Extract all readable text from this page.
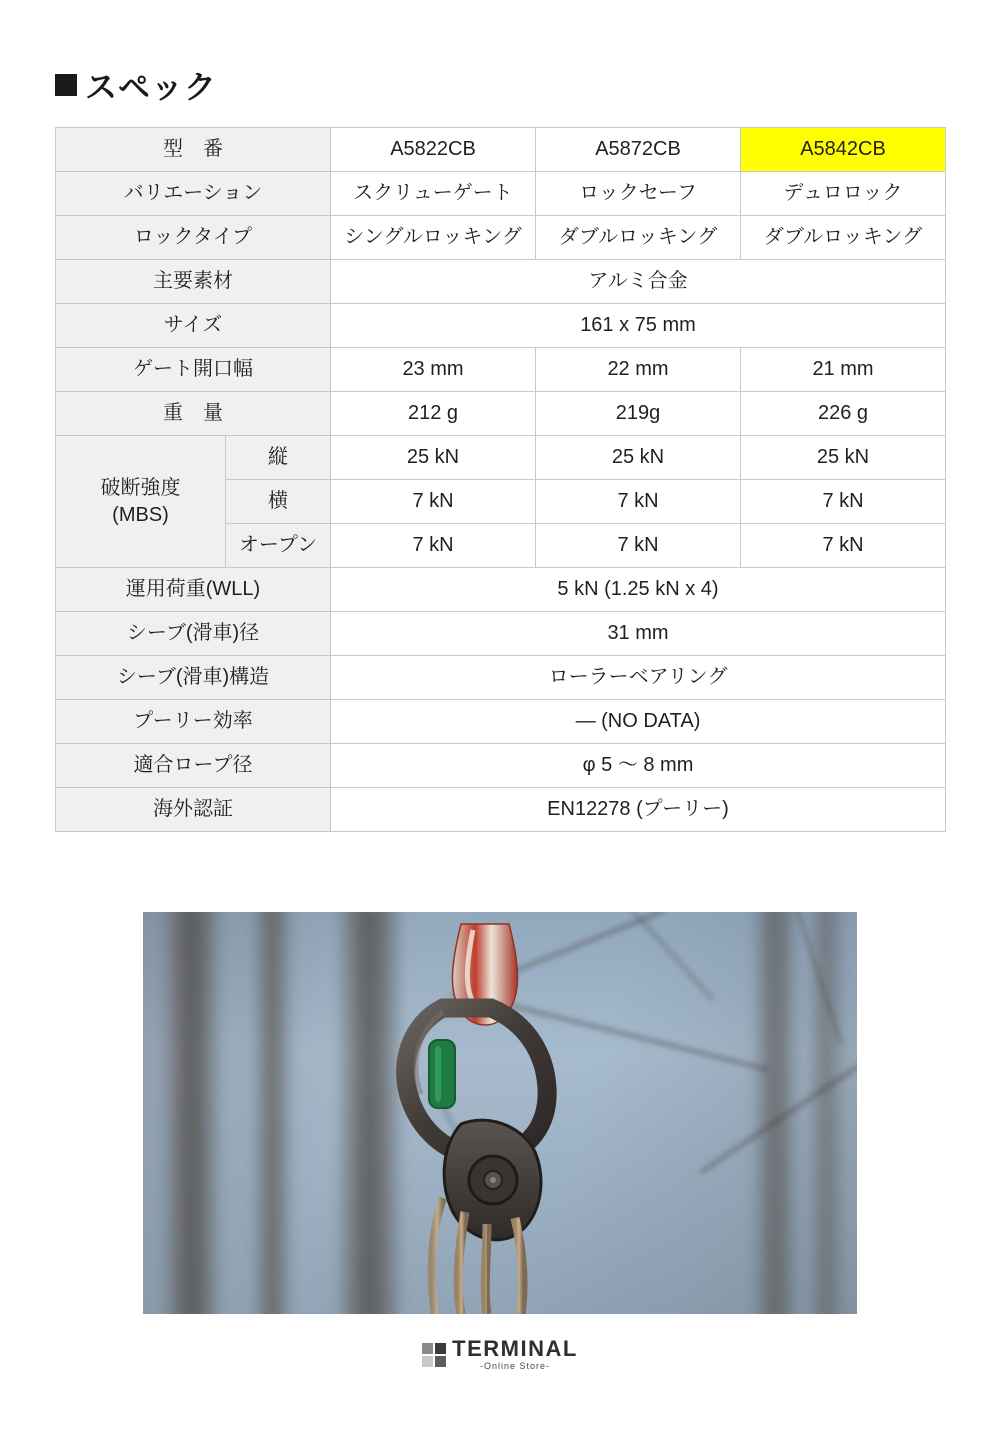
スペック
型　番		A5822CB	A5872CB	A5842CB
バリエーション		スクリューゲート	ロックセーフ	デュロロック
ロックタイプ		シングルロッキング	ダブルロッキング	ダブルロッキング
主要素材		アルミ合金		
サイズ		161 x 75 mm		
ゲート開口幅		23 mm	22 mm	21 mm
重　量		212 g	219g	226 g
破断強度
(MBS)	縦	25 kN	25 kN	25 kN
	横	7 kN	7 kN	7 kN
	オープン	7 kN	7 kN	7 kN
運用荷重(WLL)		5 kN (1.25 kN x 4)		
シーブ(滑車)径		31 mm		
シーブ(滑車)構造		ローラーベアリング		
プーリー効率		― (NO DATA)		
適合ロープ径		φ 5 ～ 8 mm		
海外認証		EN12278 (プーリー)		
TERMINAL
-Online Store-
